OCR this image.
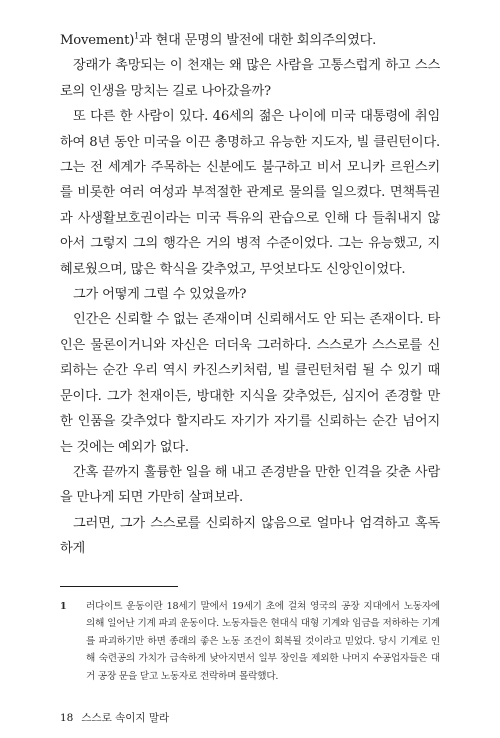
Movement)$^1$과 현대 문명의 발전에 대한 회의주의였다.

장래가 촉망되는 이 천재는 왜 많은 사람을 고통스럽게 하고 스스로의 인생을 망치는 길로 나아갔을까?

또 다른 한 사람이 있다. 46세의 젊은 나이에 미국 대통령에 취임하여 8년 동안 미국을 이끈 총명하고 유능한 지도자, 빌 클린턴이다. 그는 전 세계가 주목하는 신분에도 불구하고 비서 모니카 르윈스키를 비롯한 여러 여성과 부적절한 관계로 물의를 일으켰다. 면책특권과 사생활보호권이라는 미국 특유의 관습으로 인해 다 들춰내지 않아서 그렇지 그의 행각은 거의 병적 수준이었다. 그는 유능했고, 지혜로웠으며, 많은 학식을 갖추었고, 무엇보다도 신앙인이었다.

그가 어떻게 그럴 수 있었을까?

인간은 신뢰할 수 없는 존재이며 신뢰해서도 안 되는 존재이다. 타인은 물론이거니와 자신은 더더욱 그러하다. 스스로가 스스로를 신뢰하는 순간 우리 역시 카진스키처럼, 빌 클린턴처럼 될 수 있기 때문이다. 그가 천재이든, 방대한 지식을 갖추었든, 심지어 존경할 만한 인품을 갖추었다 할지라도 자기가 자기를 신뢰하는 순간 넘어지는 것에는 예외가 없다.

간혹 끝까지 훌륭한 일을 해 내고 존경받을 만한 인격을 갖춘 사람을 만나게 되면 가만히 살펴보라.

그러면, 그가 스스로를 신뢰하지 않음으로 얼마나 엄격하고 혹독하게

1	러다이트 운동이란 18세기 말에서 19세기 초에 걸쳐 영국의 공장 지대에서 노동자에 의해 일어난 기계 파괴 운동이다. 노동자들은 현대식 대형 기계와 임금을 저하하는 기계를 파괴하기만 하면 종래의 좋은 노동 조건이 회복될 것이라고 믿었다. 당시 기계로 인해 숙련공의 가치가 급속하게 낮아지면서 일부 장인을 제외한 나머지 수공업자들은 대거 공장 문을 닫고 노동자로 전락하며 몰락했다.
18 스스로 속이지 말라
